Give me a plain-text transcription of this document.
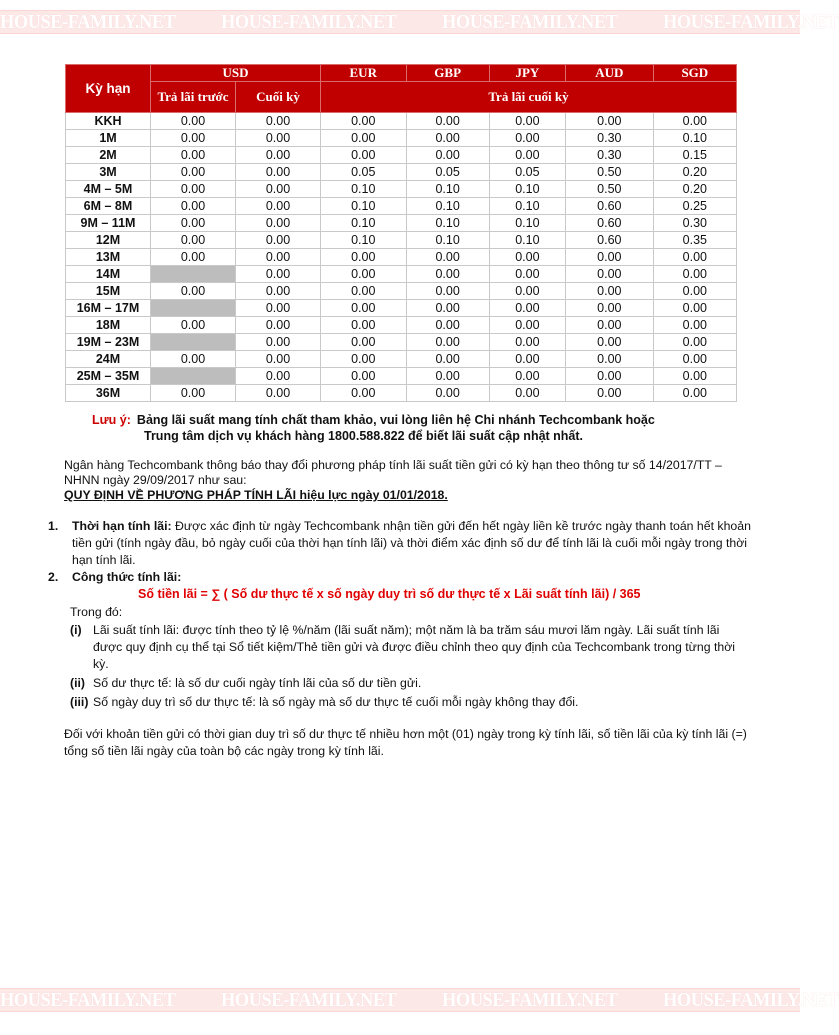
HOUSE-FAMILY.NET HOUSE-FAMILY.NET HOUSE-FAMILY.NET HOUSE-FAMILY.NET
Kỳ hạn	USD		EUR	GBP	JPY	AUD	SGD
	Trả lãi trước	Cuối kỳ	Trả lãi cuối kỳ				
KKH	0.00	0.00	0.00	0.00	0.00	0.00	0.00
1M	0.00	0.00	0.00	0.00	0.00	0.30	0.10
2M	0.00	0.00	0.00	0.00	0.00	0.30	0.15
3M	0.00	0.00	0.05	0.05	0.05	0.50	0.20
4M – 5M	0.00	0.00	0.10	0.10	0.10	0.50	0.20
6M – 8M	0.00	0.00	0.10	0.10	0.10	0.60	0.25
9M – 11M	0.00	0.00	0.10	0.10	0.10	0.60	0.30
12M	0.00	0.00	0.10	0.10	0.10	0.60	0.35
13M	0.00	0.00	0.00	0.00	0.00	0.00	0.00
14M		0.00	0.00	0.00	0.00	0.00	0.00
15M	0.00	0.00	0.00	0.00	0.00	0.00	0.00
16M – 17M		0.00	0.00	0.00	0.00	0.00	0.00
18M	0.00	0.00	0.00	0.00	0.00	0.00	0.00
19M – 23M		0.00	0.00	0.00	0.00	0.00	0.00
24M	0.00	0.00	0.00	0.00	0.00	0.00	0.00
25M – 35M		0.00	0.00	0.00	0.00	0.00	0.00
36M	0.00	0.00	0.00	0.00	0.00	0.00	0.00
Lưu ý: Bảng lãi suất mang tính chất tham khảo, vui lòng liên hệ Chi nhánh Techcombank hoặc
Trung tâm dịch vụ khách hàng 1800.588.822 để biết lãi suất cập nhật nhất.
Ngân hàng Techcombank thông báo thay đổi phương pháp tính lãi suất tiền gửi có kỳ hạn theo thông tư số 14/2017/TT – NHNN ngày 29/09/2017 như sau:
QUY ĐỊNH VỀ PHƯƠNG PHÁP TÍNH LÃI hiệu lực ngày 01/01/2018.
1. Thời hạn tính lãi: Được xác định từ ngày Techcombank nhận tiền gửi đến hết ngày liền kề trước ngày thanh toán hết khoản tiền gửi (tính ngày đầu, bỏ ngày cuối của thời hạn tính lãi) và thời điểm xác định số dư để tính lãi là cuối mỗi ngày trong thời hạn tính lãi.
2. Công thức tính lãi:
Số tiền lãi = ∑ ( Số dư thực tế x số ngày duy trì số dư thực tế x Lãi suất tính lãi) / 365
Trong đó:
(i) Lãi suất tính lãi: được tính theo tỷ lệ %/năm (lãi suất năm); một năm là ba trăm sáu mươi lăm ngày. Lãi suất tính lãi được quy định cụ thể tại Sổ tiết kiệm/Thẻ tiền gửi và được điều chỉnh theo quy định của Techcombank trong từng thời kỳ.
(ii) Số dư thực tế: là số dư cuối ngày tính lãi của số dư tiền gửi.
(iii) Số ngày duy trì số dư thực tế: là số ngày mà số dư thực tế cuối mỗi ngày không thay đổi.
Đối với khoản tiền gửi có thời gian duy trì số dư thực tế nhiều hơn một (01) ngày trong kỳ tính lãi, số tiền lãi của kỳ tính lãi (=) tổng số tiền lãi ngày của toàn bộ các ngày trong kỳ tính lãi.
HOUSE-FAMILY.NET HOUSE-FAMILY.NET HOUSE-FAMILY.NET HOUSE-FAMILY.NET
